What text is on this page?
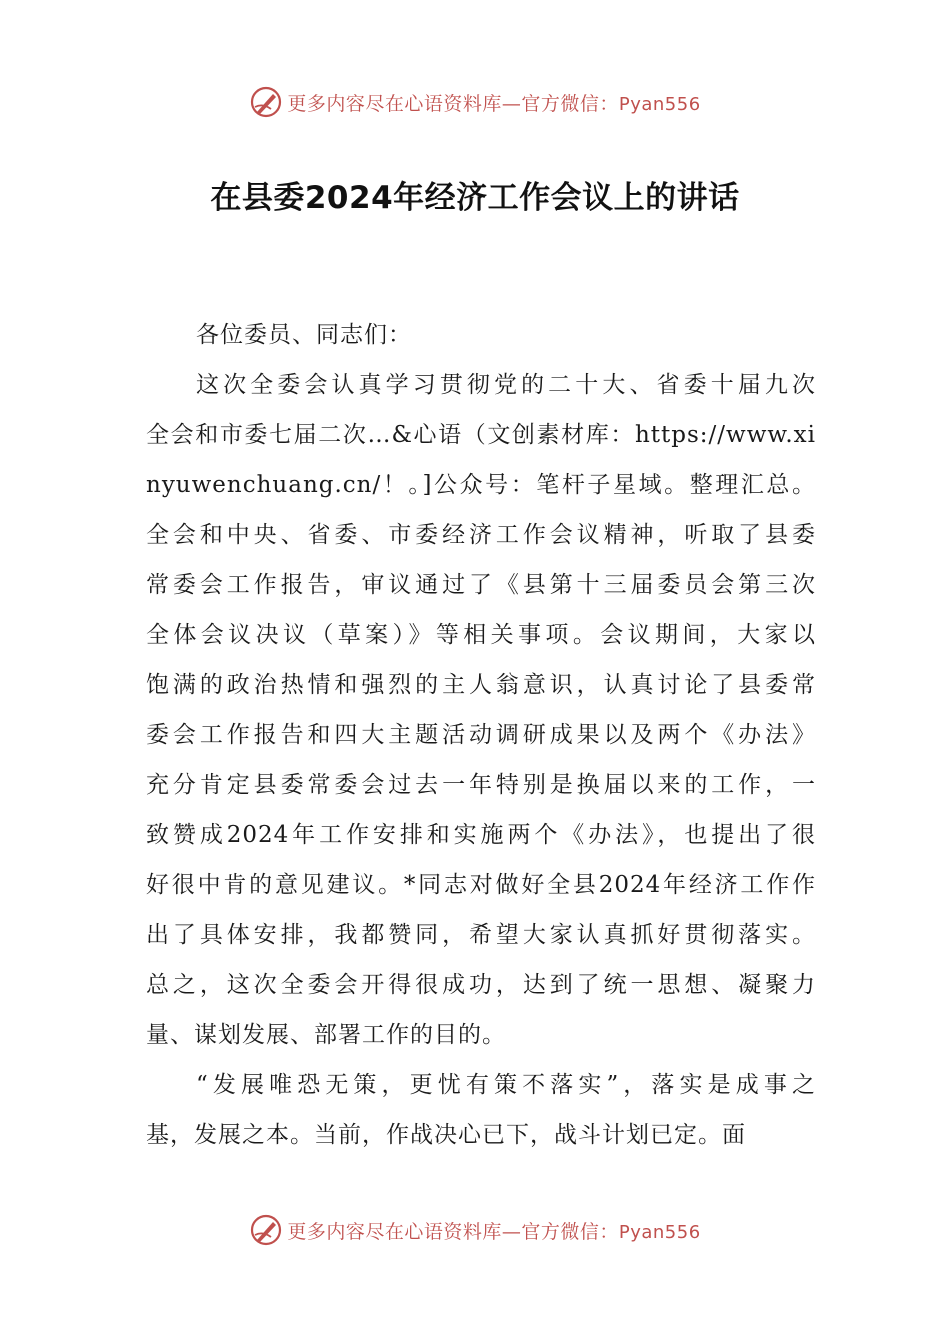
更多内容尽在心语资料库—官方微信：Pyan556
在县委2024年经济工作会议上的讲话
各位委员、同志们：
这次全委会认真学习贯彻党的二十大、省委十届九次
全会和市委七届二次…&心语（文创素材库：https://www.xi
nyuwenchuang.cn/！。]公众号：笔杆子星域。整理汇总。
全会和中央、省委、市委经济工作会议精神，听取了县委
常委会工作报告，审议通过了《县第十三届委员会第三次
全体会议决议（草案）》等相关事项。会议期间，大家以
饱满的政治热情和强烈的主人翁意识，认真讨论了县委常
委会工作报告和四大主题活动调研成果以及两个《办法》
充分肯定县委常委会过去一年特别是换届以来的工作，一
致赞成2024年工作安排和实施两个《办法》，也提出了很
好很中肯的意见建议。*同志对做好全县2024年经济工作作
出了具体安排，我都赞同，希望大家认真抓好贯彻落实。
总之，这次全委会开得很成功，达到了统一思想、凝聚力
量、谋划发展、部署工作的目的。
“发展唯恐无策，更忧有策不落实”，落实是成事之
基，发展之本。当前，作战决心已下，战斗计划已定。面
更多内容尽在心语资料库—官方微信：Pyan556
